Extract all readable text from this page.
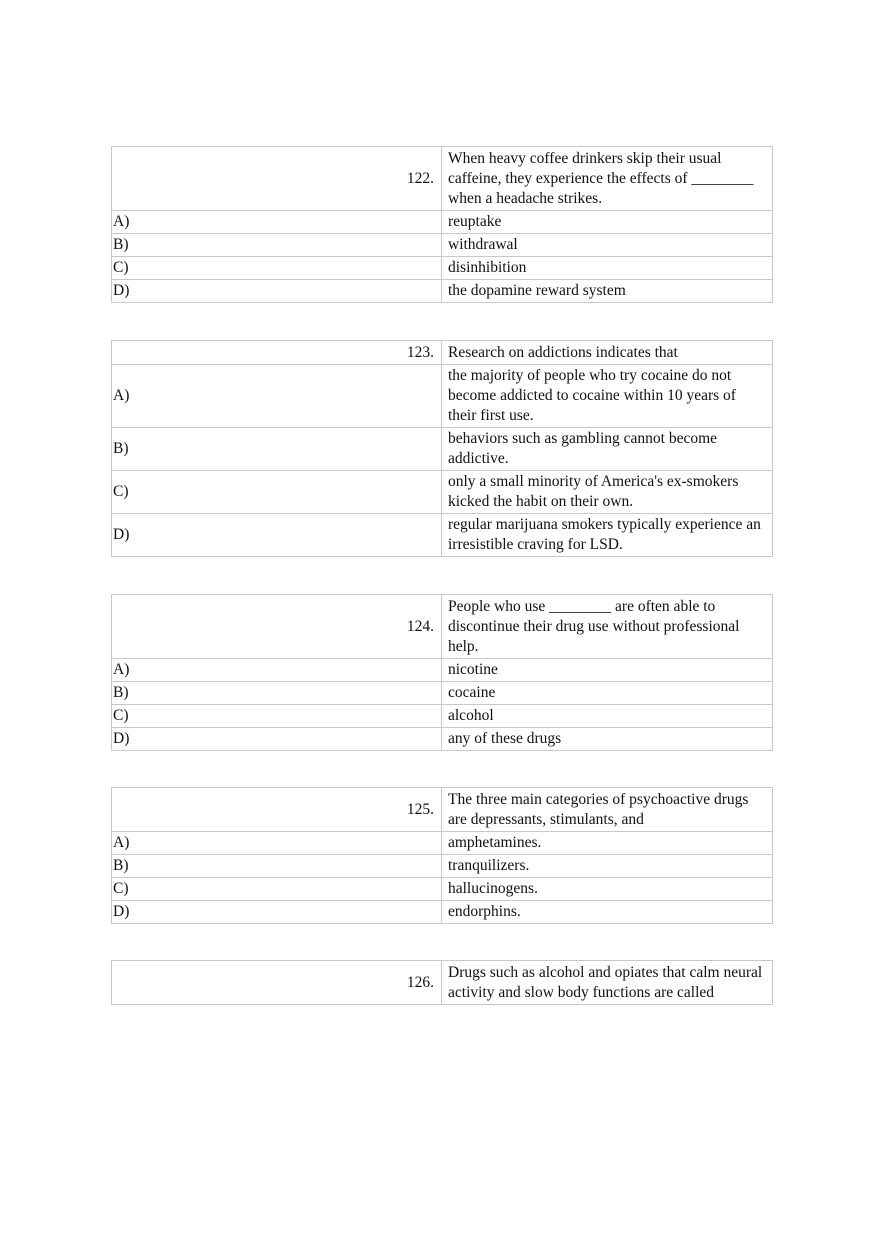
122.	When heavy coffee drinkers skip their usual caffeine, they experience the effects of ________ when a headache strikes.
A)	reuptake
B)	withdrawal
C)	disinhibition
D)	the dopamine reward system
123.	Research on addictions indicates that
A)	the majority of people who try cocaine do not become addicted to cocaine within 10 years of their first use.
B)	behaviors such as gambling cannot become addictive.
C)	only a small minority of America's ex-smokers kicked the habit on their own.
D)	regular marijuana smokers typically experience an irresistible craving for LSD.
124.	People who use ________ are often able to discontinue their drug use without professional help.
A)	nicotine
B)	cocaine
C)	alcohol
D)	any of these drugs
125.	The three main categories of psychoactive drugs are depressants, stimulants, and
A)	amphetamines.
B)	tranquilizers.
C)	hallucinogens.
D)	endorphins.
126.	Drugs such as alcohol and opiates that calm neural activity and slow body functions are called
